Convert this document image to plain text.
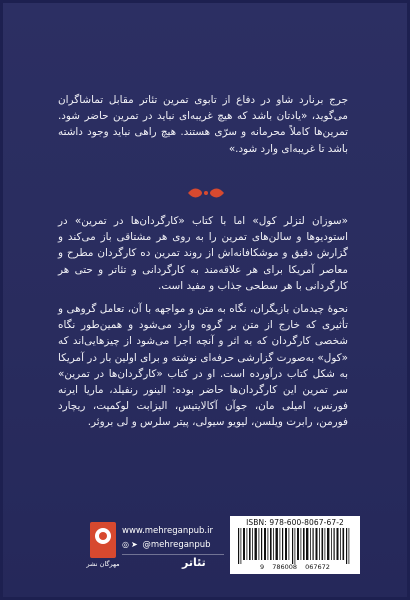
جرج برنارد شاو در دفاع از تابوی تمرین تئاتر مقابل تماشاگران می‌گوید، «یادتان باشد که هیچ غریبه‌ای نباید در تمرین حاضر شود. تمرین‌ها کاملاً محرمانه و سرّی هستند. هیچ راهی نباید وجود داشته باشد تا غریبه‌ای وارد شود.»

«سوزان لتزلر کول» اما با کتاب «کارگردان‌ها در تمرین» در استودیوها و سالن‌های تمرین را به روی هر مشتاقی باز می‌کند و گزارش دقیق و موشکافانه‌اش از روند تمرین ده کارگردان مطرح و معاصر آمریکا برای هر علاقه‌مند به کارگردانی و تئاتر و حتی هر کارگردانی با هر سطحی جذاب و مفید است.

نحوهٔ چیدمان بازیگران، نگاه به متن و مواجهه با آن، تعامل گروهی و تأثیری که خارج از متن بر گروه وارد می‌شود و همین‌طور نگاه شخصی کارگردان که به اثر و آنچه اجرا می‌شود از چیزهایی‌اند که «کول» به‌صورت گزارشی حرفه‌ای نوشته و برای اولین بار در آمریکا به شکل کتاب درآورده است. او در کتاب «کارگردان‌ها در تمرین» سر تمرین این کارگردان‌ها حاضر بوده: الینور رنفیلد، ماریا ایرنه فورنس، امیلی مان، جوآن آکالایتیس، الیزابت لوکمپت، ریچارد فورمن، رابرت ویلسن، لیویو سیولی، پیتر سلرس و لی بروئر.
مهرگان‌ نشر
www.mehreganpub.ir
◎ ➤ @mehreganpub
تئاتر
ISBN: 978-600-8067-67-2
9 786008 067672
